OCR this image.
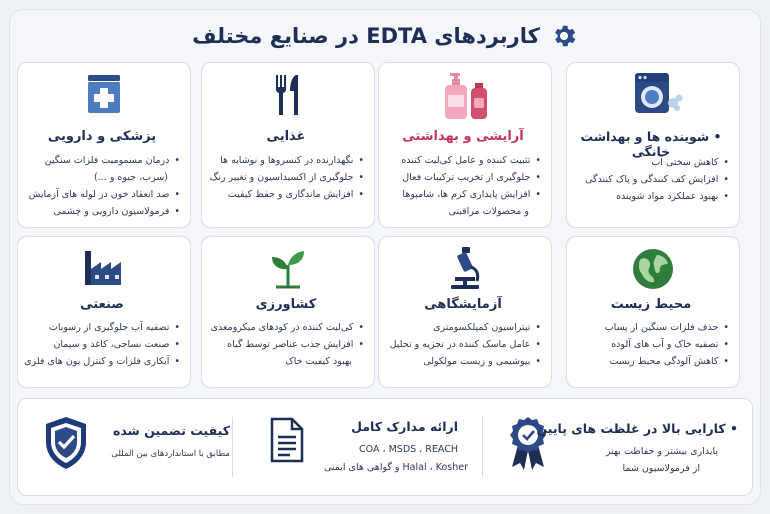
کاربردهای EDTA در صنایع مختلف
• شوینده ها و بهداشت خانگی
• کاهش سختی آب
• افزایش کف کنندگی و پاک کنندگی
• بهبود عملکرد مواد شوینده
آرایشی و بهداشتی
• تثبیت کننده و عامل کی‌لیت کننده
• جلوگیری از تخریب ترکیبات فعال
• افزایش پایداری کرم ها، شامپوها
و محصولات مراقبتی
غذایی
• نگهدارنده در کنسروها و نوشابه ها
• جلوگیری از اکسیداسیون و تغییر رنگ
• افزایش ماندگاری و حفظ کیفیت
پزشکی و دارویی
• درمان مسمومیت فلزات سنگین
(سرب، جیوه و ...)
• ضد انعقاد خون در لوله های آزمایش
• فرمولاسیون دارویی و چشمی
محیط زیست
• حذف فلزات سنگین از پساب
• تصفیه خاک و آب های آلوده
• کاهش آلودگی محیط زیست
آزمایشگاهی
• تیتراسیون کمپلکسومتری
• عامل ماسک کننده در تجزیه و تحلیل
• بیوشیمی و زیست مولکولی
کشاورزی
• کی‌لیت کننده در کودهای میکرومغذی
• افزایش جذب عناصر توسط گیاه
بهبود کیفیت خاک
صنعتی
• تصفیه آب جلوگیری از رسوبات
• صنعت نساجی، کاغذ و سیمان
• آبکاری فلزات و کنترل یون های فلزی
• کارایی بالا در غلظت های پایین
پایداری بیشتر و حفاظت بهتر
از فرمولاسیون شما
ارائه مدارک کامل
COA ، MSDS ، REACH
Halal ، Kosher و گواهی های ایمنی
کیفیت تضمین شده
مطابق با استانداردهای بین المللی
